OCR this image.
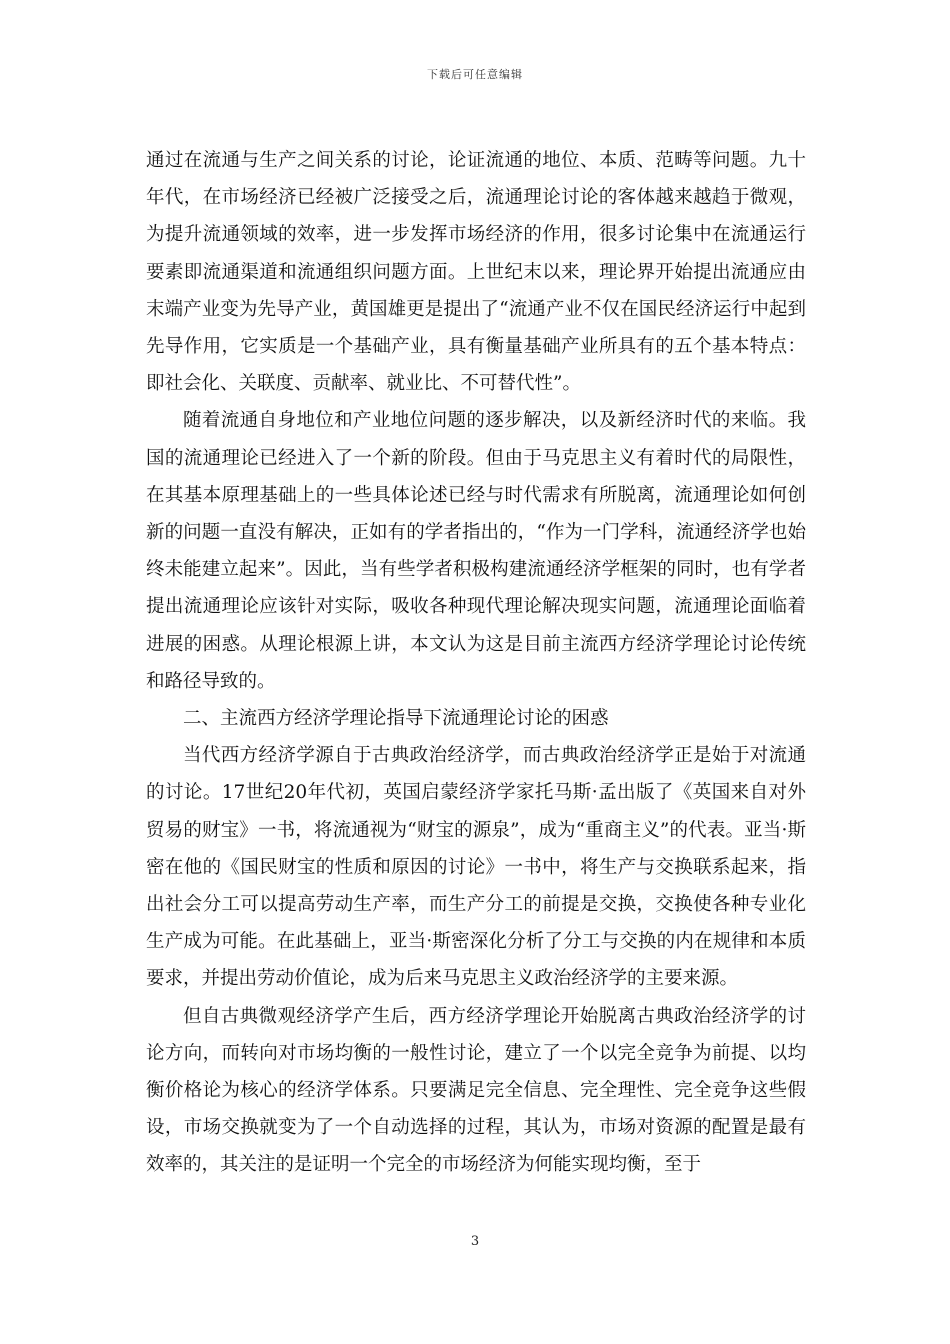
下载后可任意编辑

通过在流通与生产之间关系的讨论，论证流通的地位、本质、范畴等问题。九十年代，在市场经济已经被广泛接受之后，流通理论讨论的客体越来越趋于微观，为提升流通领域的效率，进一步发挥市场经济的作用，很多讨论集中在流通运行要素即流通渠道和流通组织问题方面。上世纪末以来，理论界开始提出流通应由末端产业变为先导产业，黄国雄更是提出了“流通产业不仅在国民经济运行中起到先导作用，它实质是一个基础产业，具有衡量基础产业所具有的五个基本特点：即社会化、关联度、贡献率、就业比、不可替代性”。

随着流通自身地位和产业地位问题的逐步解决，以及新经济时代的来临。我国的流通理论已经进入了一个新的阶段。但由于马克思主义有着时代的局限性，在其基本原理基础上的一些具体论述已经与时代需求有所脱离，流通理论如何创新的问题一直没有解决，正如有的学者指出的，“作为一门学科，流通经济学也始终未能建立起来”。因此，当有些学者积极构建流通经济学框架的同时，也有学者提出流通理论应该针对实际，吸收各种现代理论解决现实问题，流通理论面临着进展的困惑。从理论根源上讲，本文认为这是目前主流西方经济学理论讨论传统和路径导致的。

二、主流西方经济学理论指导下流通理论讨论的困惑

当代西方经济学源自于古典政治经济学，而古典政治经济学正是始于对流通的讨论。17世纪20年代初，英国启蒙经济学家托马斯·孟出版了《英国来自对外贸易的财宝》一书，将流通视为“财宝的源泉”，成为“重商主义”的代表。亚当·斯密在他的《国民财宝的性质和原因的讨论》一书中，将生产与交换联系起来，指出社会分工可以提高劳动生产率，而生产分工的前提是交换，交换使各种专业化生产成为可能。在此基础上，亚当·斯密深化分析了分工与交换的内在规律和本质要求，并提出劳动价值论，成为后来马克思主义政治经济学的主要来源。

但自古典微观经济学产生后，西方经济学理论开始脱离古典政治经济学的讨论方向，而转向对市场均衡的一般性讨论，建立了一个以完全竞争为前提、以均衡价格论为核心的经济学体系。只要满足完全信息、完全理性、完全竞争这些假设，市场交换就变为了一个自动选择的过程，其认为，市场对资源的配置是最有效率的，其关注的是证明一个完全的市场经济为何能实现均衡，至于

3
